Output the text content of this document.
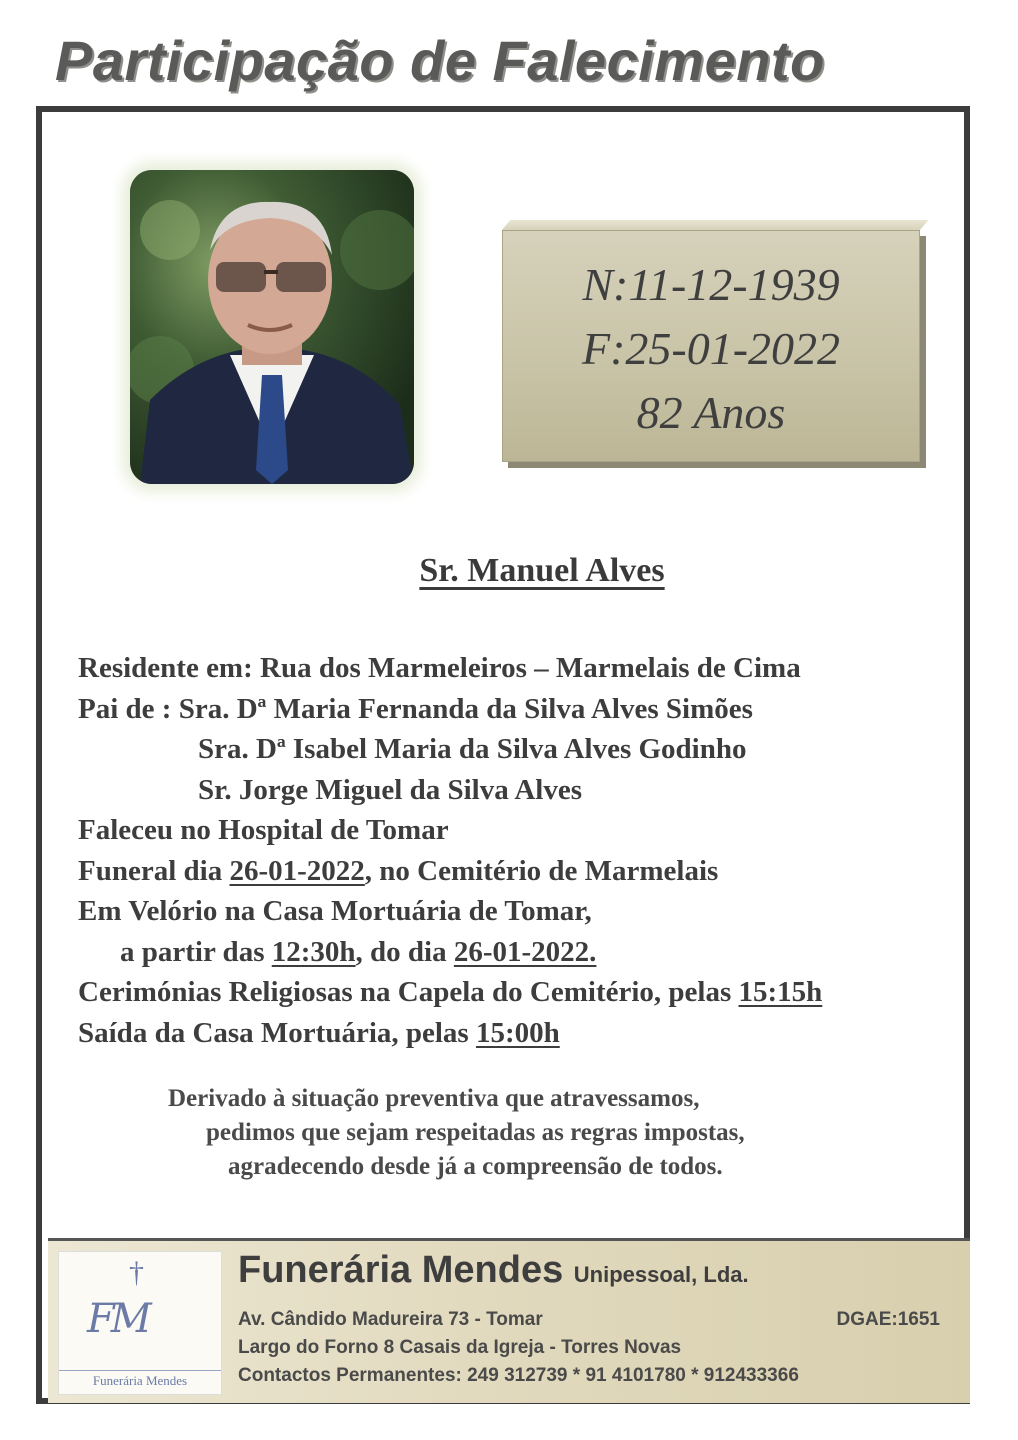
Participação de Falecimento
N:11-12-1939
F:25-01-2022
82 Anos
Sr. Manuel Alves
Residente em: Rua dos Marmeleiros – Marmelais de Cima
Pai de : Sra. Dª Maria Fernanda da Silva Alves Simões
Sra. Dª Isabel Maria da Silva Alves Godinho
Sr. Jorge Miguel da Silva Alves
Faleceu no Hospital de Tomar
Funeral dia 26-01-2022, no Cemitério de Marmelais
Em Velório na Casa Mortuária de Tomar,
a partir das 12:30h, do dia 26-01-2022.
Cerimónias Religiosas na Capela do Cemitério, pelas 15:15h
Saída da Casa Mortuária, pelas 15:00h
Derivado à situação preventiva que atravessamos,
pedimos que sejam respeitadas as regras impostas,
agradecendo desde já a compreensão de todos.
†
FM
Funerária Mendes
Funerária Mendes Unipessoal, Lda.
Av. Cândido Madureira 73 - Tomar	DGAE:1651
Largo do Forno 8 Casais da Igreja - Torres Novas
Contactos Permanentes: 249 312739 * 91 4101780 * 912433366
